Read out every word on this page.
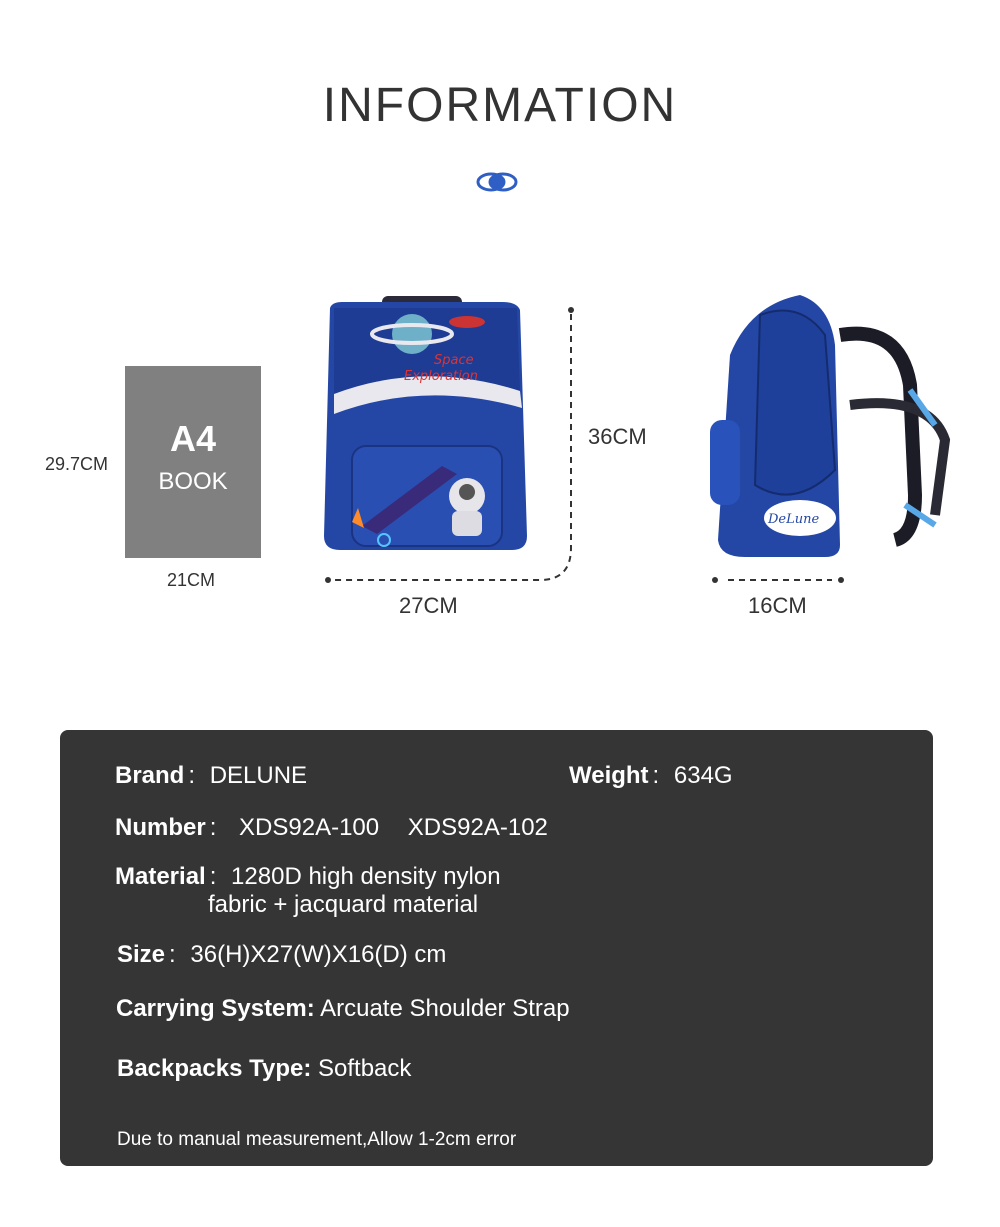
INFORMATION
29.7CM
A4
BOOK
21CM
Space
Exploration
36CM
27CM
DeLune
16CM
Brand : DELUNE	Weight : 634G
Number : XDS92A-100 XDS92A-102
Material : 1280D high density nylon
fabric + jacquard material
Size : 36(H)X27(W)X16(D) cm
Carrying System: Arcuate Shoulder Strap
Backpacks Type: Softback
Due to manual measurement,Allow 1-2cm error
